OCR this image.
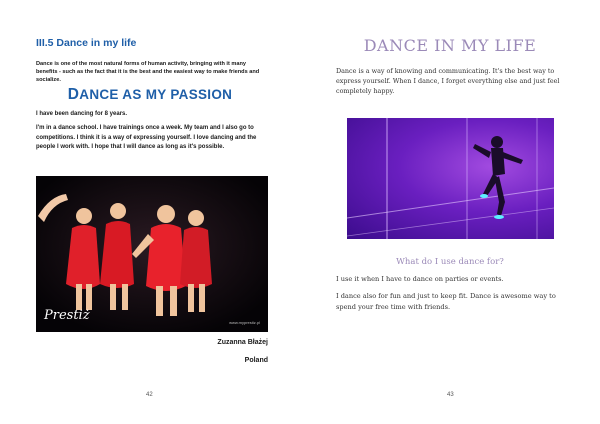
III.5 Dance in my life
Dance is one of the most natural forms of human activity, bringing with it many benefits - such as the fact that it is the best and the easiest way to make friends and socialize.
DANCE AS MY PASSION
I have been dancing for 8 years.
I'm in a dance school. I have trainings once a week. My team and I also go to competitions. I think it is a way of expressing yourself. I love dancing and the people I work with. I hope that I will dance as long as it's possible.
Prestiż	www.myprestiz.pl
Zuzanna Błażej
Poland
42
DANCE IN MY LIFE
Dance is a way of knowing and communicating. It's the best way to express yourself. When I dance, I forget everything else and just feel completely happy.
What do I use dance for?
I use it when I have to dance on parties or events.
I dance also for fun and just to keep fit. Dance is awesome way to spend your free time with friends.
43
